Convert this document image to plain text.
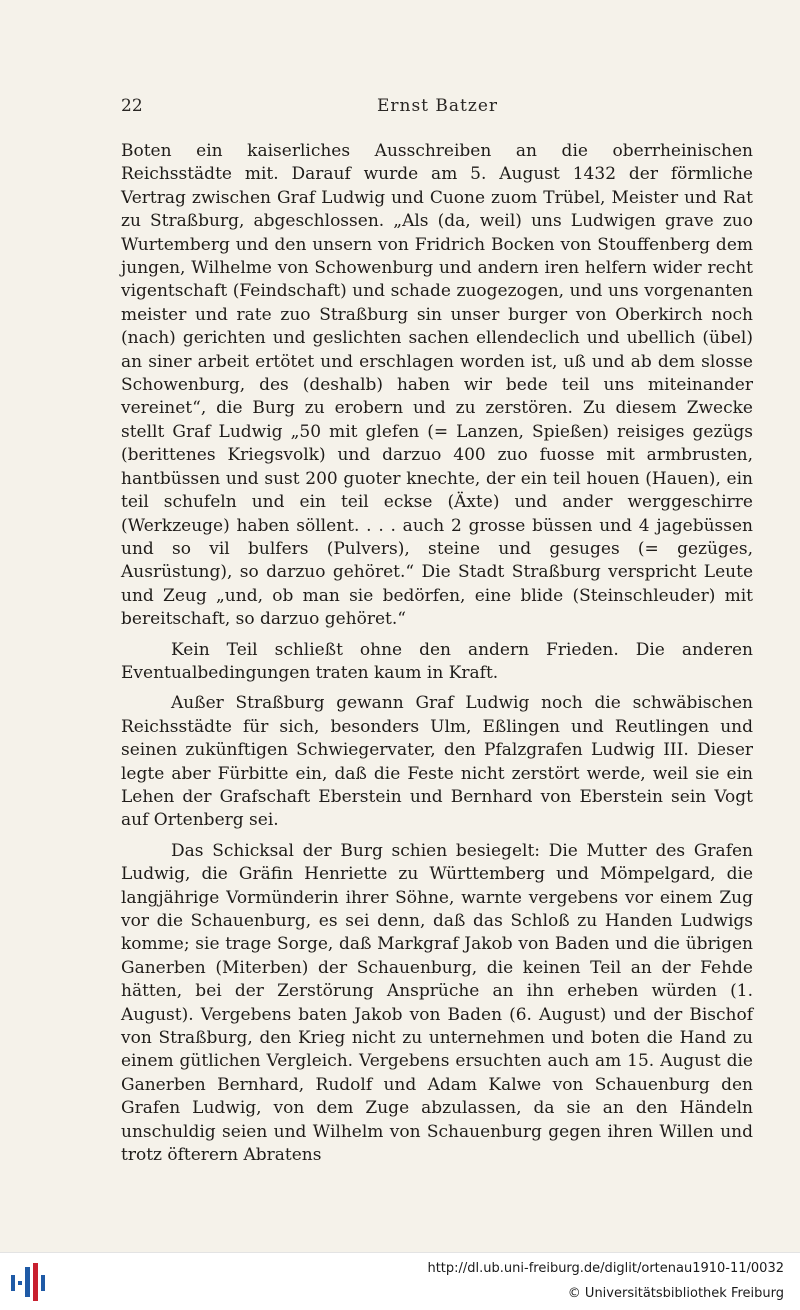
22	Ernst Batzer

Boten ein kaiserliches Ausschreiben an die oberrheinischen Reichsstädte mit. Darauf wurde am 5. August 1432 der förmliche Vertrag zwischen Graf Ludwig und Cuone zuom Trübel, Meister und Rat zu Straßburg, abgeschlossen. „Als (da, weil) uns Ludwigen grave zuo Wurtemberg und den unsern von Fridrich Bocken von Stouffenberg dem jungen, Wilhelme von Schowenburg und andern iren helfern wider recht vigentschaft (Feindschaft) und schade zuogezogen, und uns vorgenanten meister und rate zuo Straßburg sin unser burger von Oberkirch noch (nach) gerichten und geslichten sachen ellendeclich und ubellich (übel) an siner arbeit ertötet und erschlagen worden ist, uß und ab dem slosse Schowenburg, des (deshalb) haben wir bede teil uns miteinander vereinet“, die Burg zu erobern und zu zerstören. Zu diesem Zwecke stellt Graf Ludwig „50 mit glefen (= Lanzen, Spießen) reisiges gezügs (berittenes Kriegsvolk) und darzuo 400 zuo fuosse mit armbrusten, hantbüssen und sust 200 guoter knechte, der ein teil houen (Hauen), ein teil schufeln und ein teil eckse (Äxte) und ander werggeschirre (Werkzeuge) haben söllent. . . . auch 2 grosse büssen und 4 jagebüssen und so vil bulfers (Pulvers), steine und gesuges (= gezüges, Ausrüstung), so darzuo gehöret.“ Die Stadt Straßburg verspricht Leute und Zeug „und, ob man sie bedörfen, eine blide (Steinschleuder) mit bereitschaft, so darzuo gehöret.“

Kein Teil schließt ohne den andern Frieden. Die anderen Eventualbedingungen traten kaum in Kraft.

Außer Straßburg gewann Graf Ludwig noch die schwäbischen Reichsstädte für sich, besonders Ulm, Eßlingen und Reutlingen und seinen zukünftigen Schwiegervater, den Pfalzgrafen Ludwig III. Dieser legte aber Fürbitte ein, daß die Feste nicht zerstört werde, weil sie ein Lehen der Grafschaft Eberstein und Bernhard von Eberstein sein Vogt auf Ortenberg sei.

Das Schicksal der Burg schien besiegelt: Die Mutter des Grafen Ludwig, die Gräfin Henriette zu Württemberg und Mömpelgard, die langjährige Vormünderin ihrer Söhne, warnte vergebens vor einem Zug vor die Schauenburg, es sei denn, daß das Schloß zu Handen Ludwigs komme; sie trage Sorge, daß Markgraf Jakob von Baden und die übrigen Ganerben (Miterben) der Schauenburg, die keinen Teil an der Fehde hätten, bei der Zerstörung Ansprüche an ihn erheben würden (1. August). Vergebens baten Jakob von Baden (6. August) und der Bischof von Straßburg, den Krieg nicht zu unternehmen und boten die Hand zu einem gütlichen Vergleich. Vergebens ersuchten auch am 15. August die Ganerben Bernhard, Rudolf und Adam Kalwe von Schauenburg den Grafen Ludwig, von dem Zuge abzulassen, da sie an den Händeln unschuldig seien und Wilhelm von Schauenburg gegen ihren Willen und trotz öfterern Abratens

http://dl.ub.uni-freiburg.de/diglit/ortenau1910-11/0032
© Universitätsbibliothek Freiburg
